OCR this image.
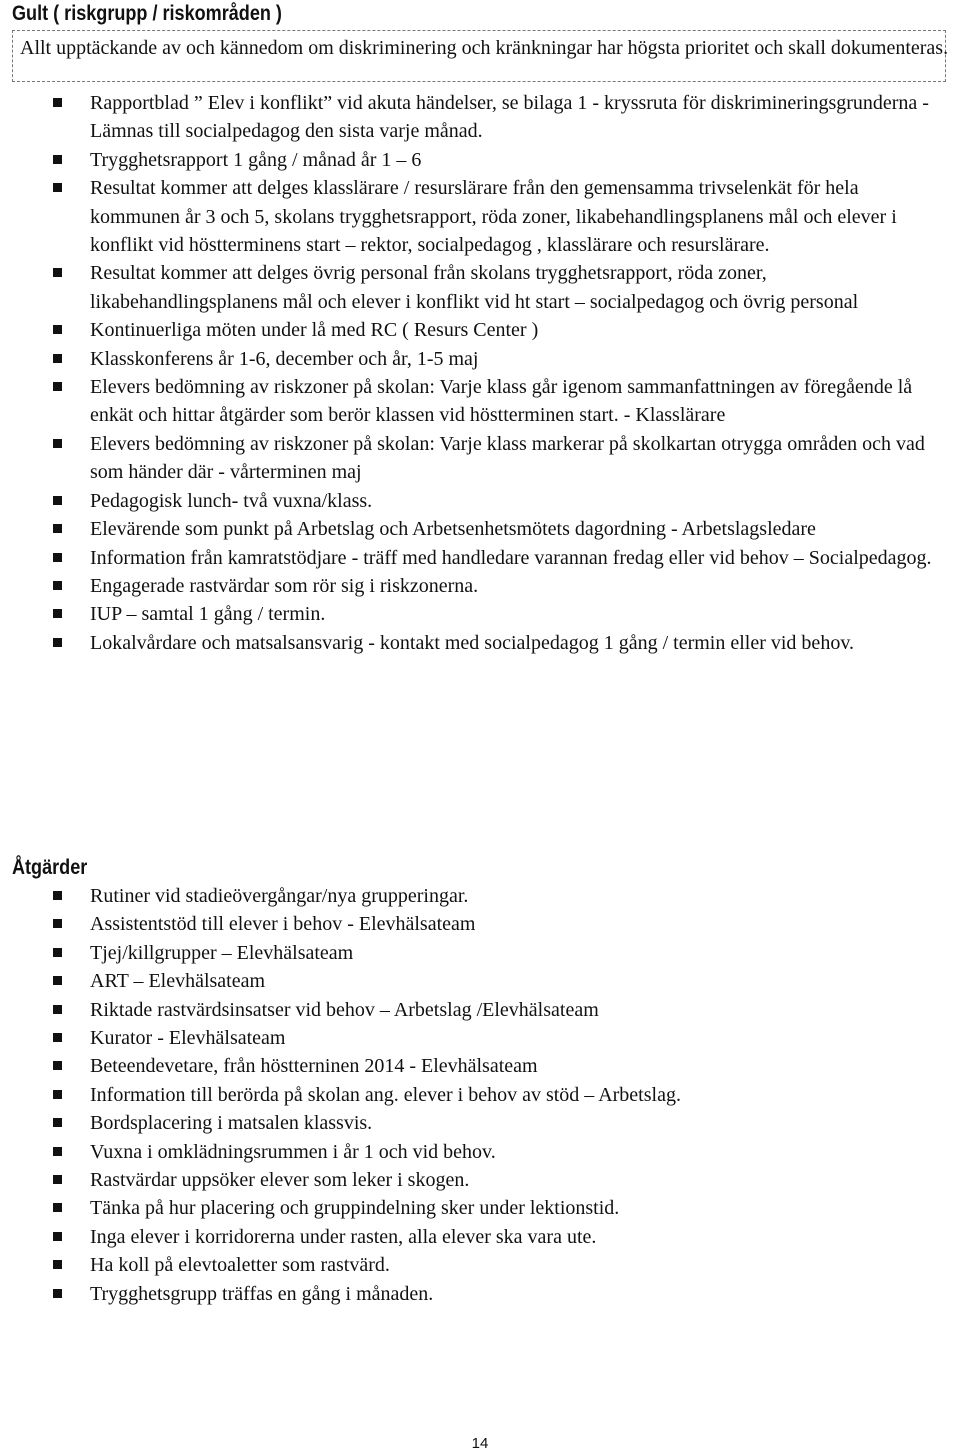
Gult ( riskgrupp / riskområden )

Allt upptäckande av och kännedom om diskriminering och kränkningar har högsta prioritet och skall dokumenteras.

Rapportblad ” Elev i konflikt” vid akuta händelser, se bilaga 1 - kryssruta för diskrimineringsgrunderna - Lämnas till socialpedagog den sista varje månad.
Trygghetsrapport 1 gång / månad år 1 – 6
Resultat kommer att delges klasslärare / resurslärare från den gemensamma trivselenkät för hela kommunen år 3 och 5, skolans trygghetsrapport, röda zoner, likabehandlingsplanens mål och elever i konflikt vid höstterminens start – rektor, socialpedagog , klasslärare och resurslärare.
Resultat kommer att delges övrig personal från skolans trygghetsrapport, röda zoner, likabehandlingsplanens mål och elever i konflikt vid ht start – socialpedagog och övrig personal
Kontinuerliga möten under lå med RC ( Resurs Center )
Klasskonferens år 1-6, december och år, 1-5 maj
Elevers bedömning av riskzoner på skolan: Varje klass går igenom sammanfattningen av föregående lå enkät och hittar åtgärder som berör klassen vid höstterminen start. - Klasslärare
Elevers bedömning av riskzoner på skolan: Varje klass markerar på skolkartan otrygga områden och vad som händer där - vårterminen maj
Pedagogisk lunch- två vuxna/klass.
Elevärende som punkt på Arbetslag och Arbetsenhetsmötets dagordning - Arbetslagsledare
Information från kamratstödjare - träff med handledare varannan fredag eller vid behov – Socialpedagog.
Engagerade rastvärdar som rör sig i riskzonerna.
IUP – samtal 1 gång / termin.
Lokalvårdare och matsalsansvarig - kontakt med socialpedagog 1 gång / termin eller vid behov.
Åtgärder
Rutiner vid stadieövergångar/nya grupperingar.
Assistentstöd till elever i behov - Elevhälsateam
Tjej/killgrupper – Elevhälsateam
ART – Elevhälsateam
Riktade rastvärdsinsatser vid behov – Arbetslag /Elevhälsateam
Kurator - Elevhälsateam
Beteendevetare, från höstterninen 2014 - Elevhälsateam
Information till berörda på skolan ang. elever i behov av stöd – Arbetslag.
Bordsplacering i matsalen klassvis.
Vuxna i omklädningsrummen i år 1 och vid behov.
Rastvärdar uppsöker elever som leker i skogen.
Tänka på hur placering och gruppindelning sker under lektionstid.
Inga elever i korridorerna under rasten, alla elever ska vara ute.
Ha koll på elevtoaletter som rastvärd.
Trygghetsgrupp träffas en gång i månaden.

14
